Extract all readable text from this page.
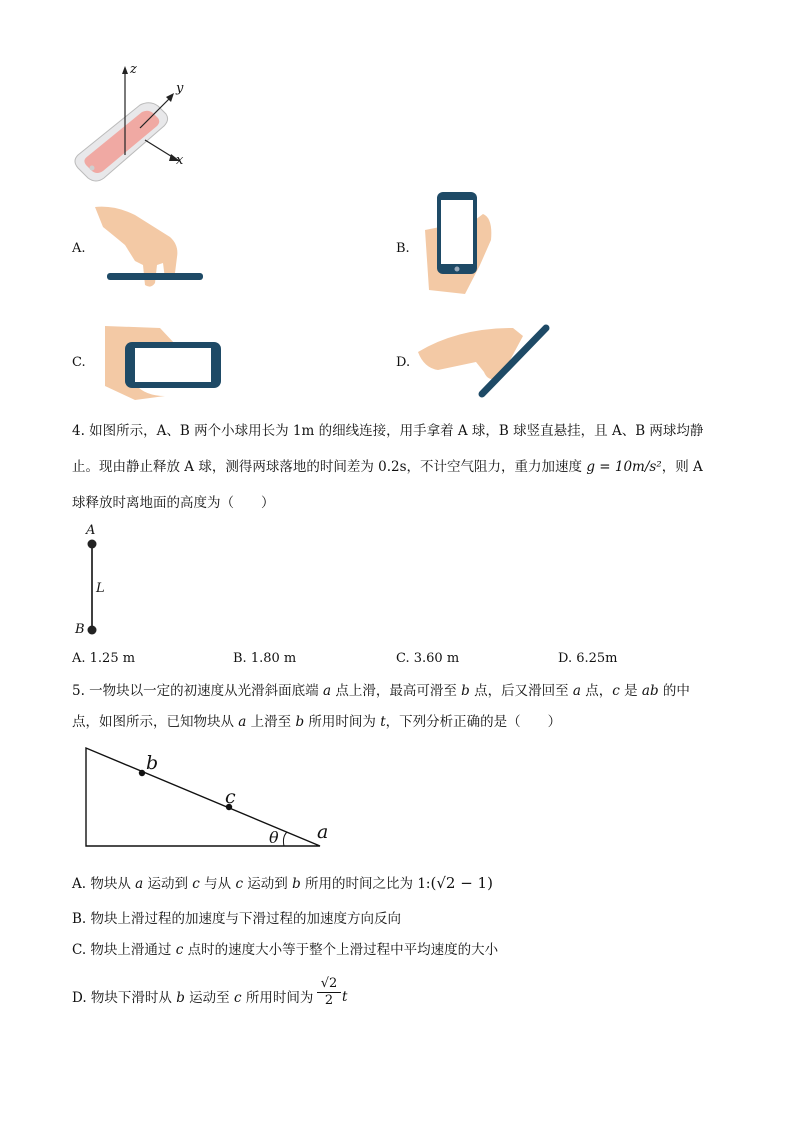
z
y
x
A.	B.
C.	D.
4. 如图所示，A、B 两个小球用长为 1m 的细线连接，用手拿着 A 球，B 球竖直悬挂，且 A、B 两球均静
止。现由静止释放 A 球，测得两球落地的时间差为 0.2s，不计空气阻力，重力加速度 g = 10m/s²，则 A
球释放时离地面的高度为（　　）
A
L
B
A. 1.25 m	B. 1.80 m	C. 3.60 m	D. 6.25m
5. 一物块以一定的初速度从光滑斜面底端 a 点上滑，最高可滑至 b 点，后又滑回至 a 点，c 是 ab 的中
点，如图所示，已知物块从 a 上滑至 b 所用时间为 t，下列分析正确的是（　　）
b
c
θ a
A. 物块从 a 运动到 c 与从 c 运动到 b 所用的时间之比为 1:(√2 − 1)
B. 物块上滑过程的加速度与下滑过程的加速度方向反向
C. 物块上滑通过 c 点时的速度大小等于整个上滑过程中平均速度的大小
D. 物块下滑时从 b 运动至 c 所用时间为 $\frac{√2}{2}$ t
